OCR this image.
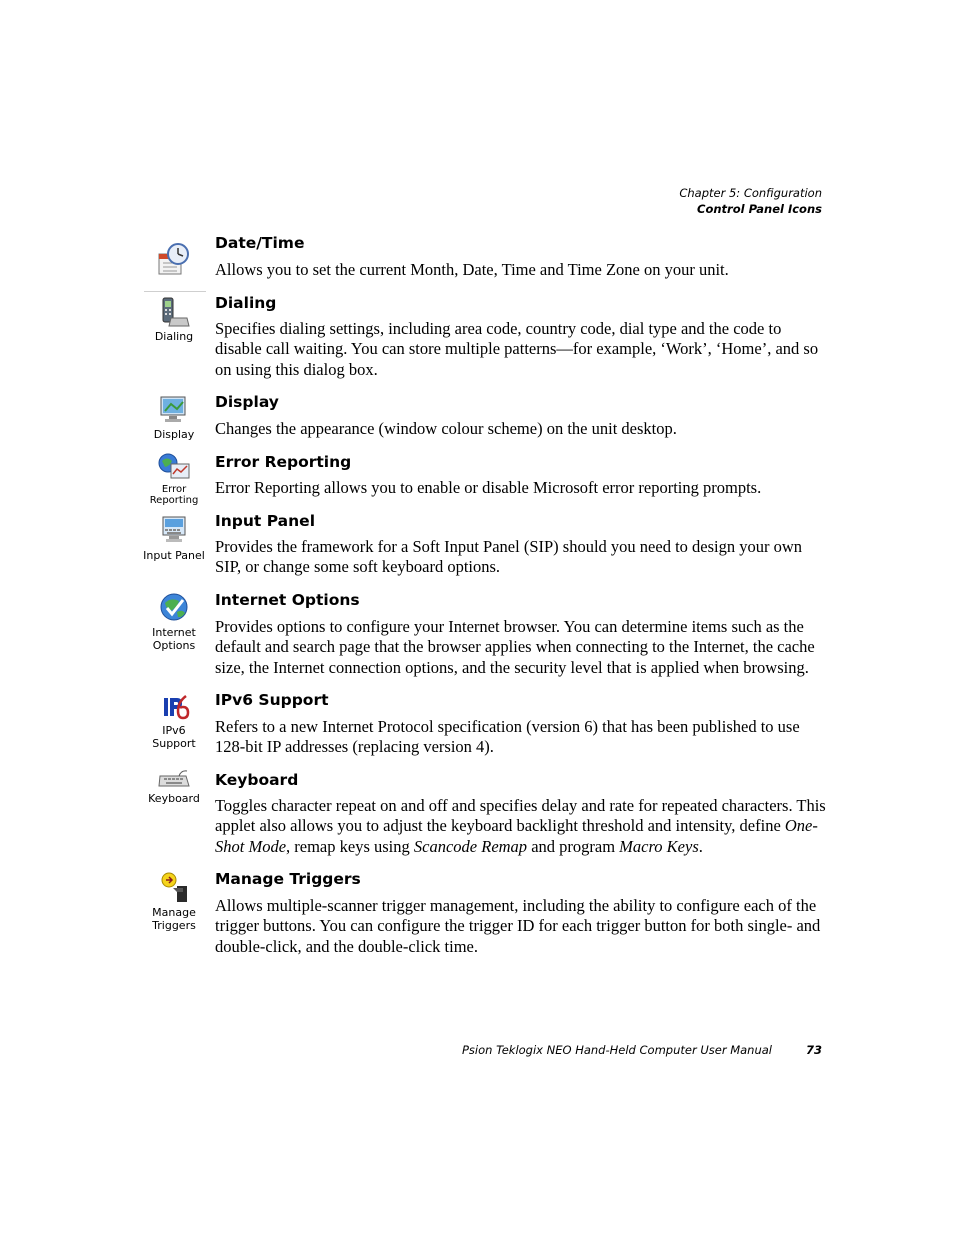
Chapter 5: Configuration
Control Panel Icons
Date/Time
Allows you to set the current Month, Date, Time and Time Zone on your unit.
Dialing
Dialing
Specifies dialing settings, including area code, country code, dial type and the code to disable call waiting. You can store multiple patterns—for example, ‘Work’, ‘Home’, and so on using this dialog box.
Display
Display
Changes the appearance (window colour scheme) on the unit desktop.
Error
Reporting
Error Reporting
Error Reporting allows you to enable or disable Microsoft error reporting prompts.
Input Panel
Input Panel
Provides the framework for a Soft Input Panel (SIP) should you need to design your own SIP, or change some soft keyboard options.
Internet
Options
Internet Options
Provides options to configure your Internet browser. You can determine items such as the default and search page that the browser applies when connecting to the Internet, the cache size, the Internet connection options, and the security level that is applied when browsing.
IPv6
Support
IPv6 Support
Refers to a new Internet Protocol specification (version 6) that has been published to use 128-bit IP addresses (replacing version 4).
Keyboard
Keyboard
Toggles character repeat on and off and specifies delay and rate for repeated characters. This applet also allows you to adjust the keyboard backlight threshold and intensity, define One-Shot Mode, remap keys using Scancode Remap and program Macro Keys.
Manage
Triggers
Manage Triggers
Allows multiple-scanner trigger management, including the ability to configure each of the trigger buttons. You can configure the trigger ID for each trigger button for both single- and double-click, and the double-click time.
Psion Teklogix NEO Hand-Held Computer User Manual	73
